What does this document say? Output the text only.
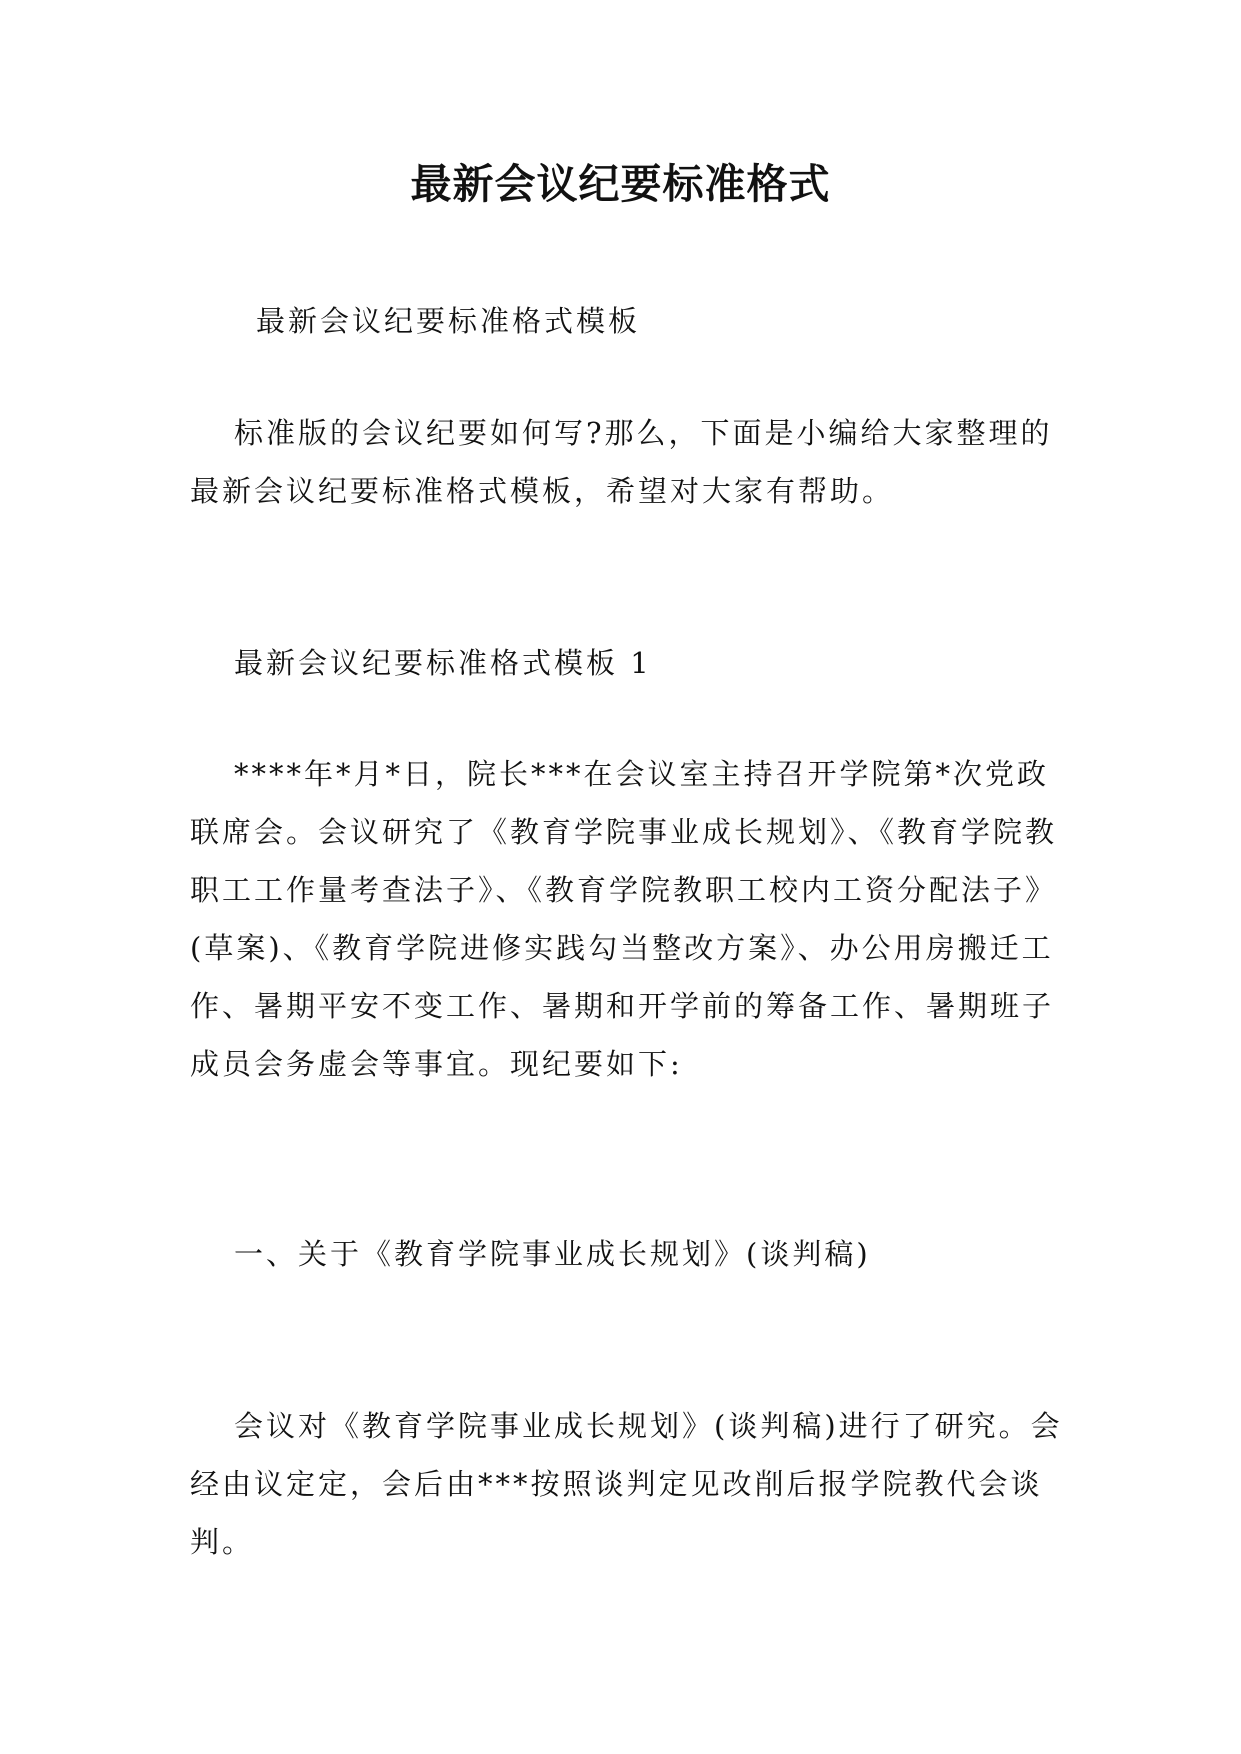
最新会议纪要标准格式
最新会议纪要标准格式模板
标准版的会议纪要如何写?那么，下面是小编给大家整理的最新会议纪要标准格式模板，希望对大家有帮助。
最新会议纪要标准格式模板 1
****年*月*日，院长***在会议室主持召开学院第*次党政联席会。会议研究了《教育学院事业成长规划》、《教育学院教职工工作量考查法子》、《教育学院教职工校内工资分配法子》(草案)、《教育学院进修实践勾当整改方案》、办公用房搬迁工作、暑期平安不变工作、暑期和开学前的筹备工作、暑期班子成员会务虚会等事宜。现纪要如下:
一、关于《教育学院事业成长规划》(谈判稿)
会议对《教育学院事业成长规划》(谈判稿)进行了研究。会经由议定定，会后由***按照谈判定见改削后报学院教代会谈判。
